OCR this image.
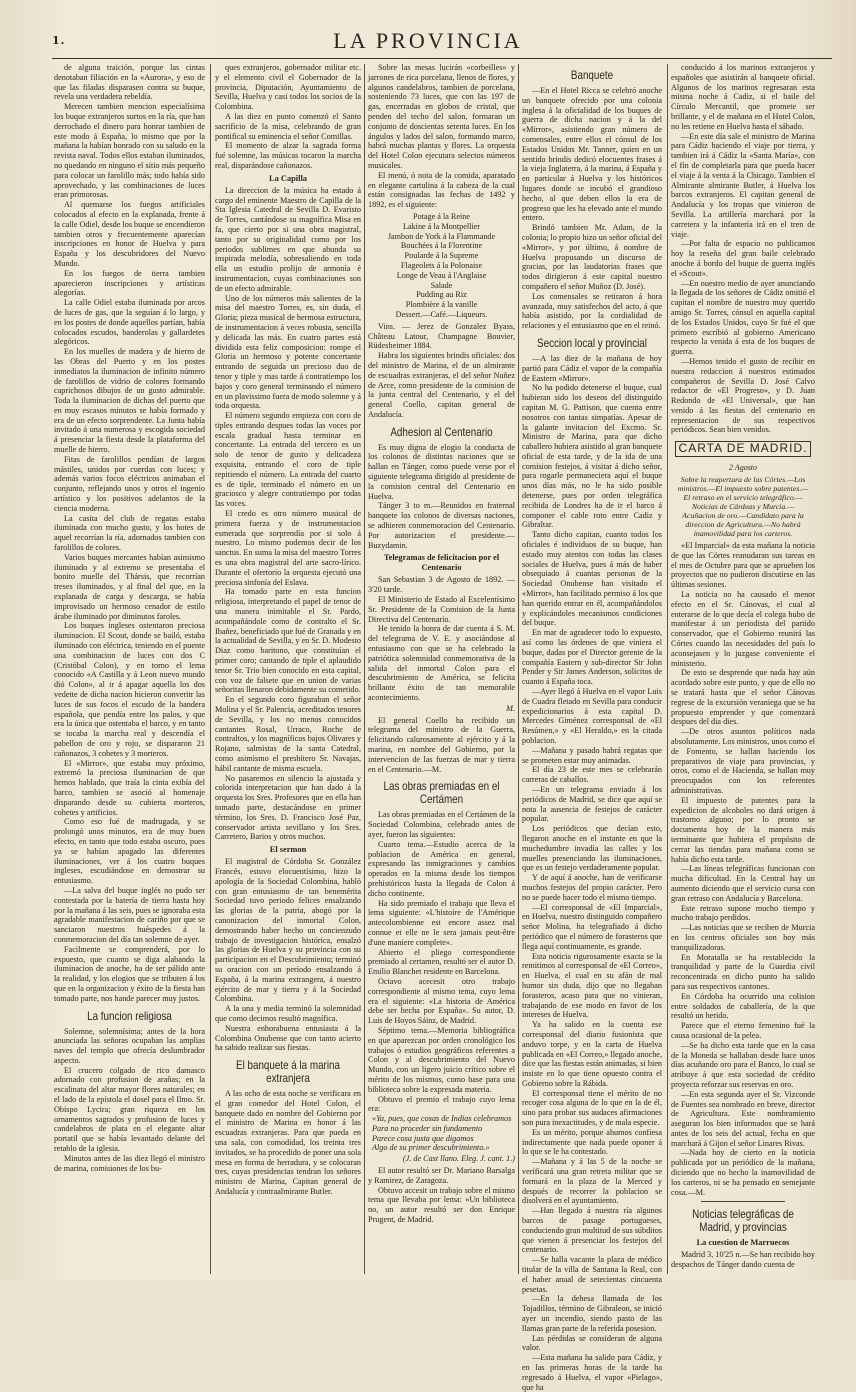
1.	LA PROVINCIA

de alguna traición, porque las cintas denotaban filiación en la «Aurora», y eso de que las filadas disparasen contra su buque, revela una verdadera rebeldía.

Merecen tambien mencion especialísima los buque extranjeros surtos en la ría, que han derrochado el dinero para honrar tambien de este modo á España, lo mismo que por la mañana la habían honrado con su saludo en la revista naval. Todos ellos estaban iluminados, no quedando en ninguno el sitio más pequeño para colocar un farolillo más; todo había sido aprovechado, y las combinaciones de luces eran primorosas.

Al quemarse los fuegos artificiales colocados al efecto en la explanada, frente á la calle Odiel, desde los buque se encendieron tambien otros y frecuentemente aparecían inscripciones en honor de Huelva y para España y los descubridores del Nuevo Mundo.

En los fuegos de tierra tambien aparecieron inscripciones y artísticas alegorías.

La calle Odiel estaba iluminada por arcos de luces de gas, que la seguían á lo largo, y en los postes de donde aquellos partían, había colocados escudos, banderolas y gallardetes alegóricos.

En los muelles de madera y de hierro de las Obras del Puerto y en los postes inmediatos la iluminacion de infinito número de farolillos de vidrio de colores formando caprichosos dibujos de un gusto admirable. Toda la iluminacion de dichas del puerto que en muy escasos minutos se había formado y era de un efecto sorprendente. La Junta había invitado á una numerosa y escogida sociedad á presenciar la fiesta desde la plataforma del muelle de hierro.

Fitas de farolillos pendían de largos mástiles, unidos por cuerdas con luces; y además varios focos eléctricos animaban el conjunto, reflejando unos y otros el ingenio artístico y los positivos adelantos de la ciencia moderna.

La casita del club de regatas estaba iluminada con mucho gusto, y los botes de aquel recorrían la ría, adornados tambien con farolillos de colores.

Varios buques mercantes habían asimismo iluminado y al extremo se presentaba el bonito muelle del Thársis, que recorrían treses iluminados, y al final del que, en la explanada de carga y descarga, se había improvisado un hermoso cenador de estilo árabe iluminado por diminutos faroles.

Los buques ingleses ostentaron preciosa iluminacion. El Scout, donde se bailó, estaba iluminado con eléctrica, teniendo en el puente una combinacion de luces con dos C (Cristóbal Colon), y en torno el lema conocido «A Castilla y á Leon nuevo mundo dió Colon», al ir á apagar aquella los dos vedette de dicha nacion hicieron converitr las luces de sus focos el escudo de la bandera española, que pendía entre los palos, y que era la única que ostentaba el barco, y en tanto se tocaba la marcha real y descendía el pabellon de oro y rojo, se dispararon 21 cañonazos, 3 cohetes y 3 morteros.

El «Mirror», que estaba muy próximo, extremó la preciosa iluminacion de que hemos hablado, que traía la cinta exibía del barco, tambien se asoció al homenaje disparando desde su cubierta morteros, cohetes y artificios.

Como eso fué de madrugada, y se prolongó unos minutos, era de muy buen efecto, en tanto que todo estaba oscuro, pues ya se habían apagado las diferentes iluminaciones, ver á los cuatro buques ingleses, escudiándose en demostrar su entusiasmo.

—La salva del buque inglés no pudo ser contestada por la batería de tierra hasta hoy por la mañana á las seis, pues se ignoraba esta agradable manifestacion de cariño por que se sanciaron nuestros huéspedes á la conmemoracion del día tan solemne de ayer.

Facilmente se comprenderá, por lo expuesto, que cuanto se diga alabando la iluminacion de anoche, ha de ser pálido ante la realidad, y los elogios que se tributen á los que en la organizacion y éxito de la fiesta han tomado parte, nos hande parecer muy justos.

La funcion religiosa

Solemne, solemnísima; antes de la hora anunciada las señoras ocupaban las amplias naves del templo que ofrecía deslumbrador aspecto.

El crucero colgado de rico damasco adornado con profusion de arañas; en la escalinata del altar mayor flores naturales; en el lado de la epístola el dosel para el Ilmo. Sr. Obispo Lycira; gran riqueza en los ornamentos sagrados y profusion de luces y candelabros de plata en el elegante altar portatil que se había levantado delante del retablo de la iglesia.

Minutos antes de las diez llegó el ministro de marina, comisiones de los bu-

ques extranjeros, gobernador militar etc. y el elemento civil el Gobernador de la provincia, Diputación, Ayuntamiento de Sevilla, Huelva y casi todos los socios de la Colombina.

A las diez en punto comenzó el Santo sacrificio de la misa, celebrando de gran pontifical su eminencia el señor Comillas.

El momento de alzar la sagrada forma fué solemne, las músicas tocaron la marcha real, disparándose cañonazos.

La Capilla

La direccion de la música ha estado á cargo del eminente Maestro de Capilla de la Sta Iglesia Catedral de Sevilla D. Evaristo de Torres, cantándose su magnífica Misa en fa, que cierto por si una obra magistral, tanto por su originalidad como por los periodos sublimes en que abunda su inspirada melodía, sobresaliendo en toda ella un estudio prolijo de armonía é instrumentacion, cuyas combinaciones son de un efecto admirable.

Uno de los números más salientes de la misa del maestro Torres, es, sin duda, el Gloria; pieza musical de hermosa estructura, de instrumentacion á veces robusta, sencilla y delicada las más. En cuatro partes está dividida esta feliz composicion: rompe el Gloria un hermoso y potente concertante entrando de seguida un precioso duo de tenor y tiple y mas tarde á contratiempo los bajos y coro general terminando el número en un plavissimo fuera de modo solemne y á toda orquesta.

El número segundo empieza con coro de tiples entrando despues todas las voces por escala gradual hasta terminar en concertante. La entrada del tercero es un solo de tenor de gusto y delicadeza exquisita, entrando el coro de tiple repitiendo el número. La entrada del cuarto es de tiple, terminado el número en un graciosco y alegre contratiempo por todas las voces.

El credo es otro número musical de primera fuerza y de instrumentacion esmerada que sorprendía por si solo á nuestro. Lo mismo podemos decir de los sanctus. En suma la misa del maestro Torres es una obra magistral del arte sacro-lírico. Durante el ofertorio la orquesta ejecutó una preciosa sinfonía del Eslava.

Ha tomado parte en esta funcion religiosa, interpretando el papel de tenor de una manera inimitable el Sr. Pardo, acompañándole como de contralto el Sr. Ibañez, beneficiado que fué de Granada y en la actualidad de Sevilla, y en Sr. D. Modesto Diaz como baritono, que constituían el primer coro; cantando de tiple el aplaudido tenor Sr. Trio bien conocido en esta capital, con voz de falsete que en union de varias señoritas llenaron debidamente su cometido.

En el segundo coro figuraban el señor Molina y el Sr. Palencia, acreditados tenores de Sevilla, y los no menos conocidos cantantes Rosal, Urraco, Roche de contraltos, y los magníficos bajos Olivares y Rojano, salmistas de la santa Catedral, como asimismo el presbítero Sr. Navajas, hábil cantante de misma escuela.

No pasaremos en silencio la ajustada y colorida interpretacion que han dado á la orquesta los Sres. Profesores que en ella han tomado parte, destacándose en primer término, los Sres. D. Francisco José Paz, conservador artista sevillano y los Sres. Carretero, Barios y otros muchos.

El sermon

El magistral de Córdoba Sr. González Francés, estuvo elocuentísimo, hizo la apología de la Sociedad Colombina, habló con gran entusiasmo de tan benemérita Sociedad tuvo periodo felices ensalzando las glorias de la patria, abogó por la canonizacion del inmortal Colon, demostrando haber hecho un concienzudo trabajo de investigacion histórica, ensalzó las glorias de Huelva y su provincia con su participacion en el Descubrimiento; terminó su oracion con un período ensalzando á España, á la marina extrangera, á nuestro ejército de mar y tierra y á la Sociedad Colombina.

A la una y media terminó la solemnidad que como decimos resultó magnífica.

Nuestra enhorabuena entusiasta á la Colombina Onubense que con tanto acierto ha sabido realizar sus fiestas.

El banquete á la marina extranjera

A las ocho de esta noche se verificara en el gran comedor del Hotel Colon, el banquete dado en nombre del Gobierno por el ministro de Marina en honor á las escuadras extranjeras. Para que pueda en una sala, con comodidad, los treinta tres invitados, se ha procedido de poner una sola mesa en forma de herradura, y se colocaran tres, cuyas presidencias tendran los señores ministro de Marina, Capitan general de Andalucía y contraalmirante Butler.

Sobre las mesas lucirán «corbeilles» y jarrones de rica porcelana, llenos de flores, y algunos candelabros, tambien de porcelana, sosteniendo 73 luces, que con las 197 de gas, encerradas en globos de cristal, que penden del techo del salon, formaran un conjunto de doscientas setenta luces. En los ángulos y lados del salon, formando marco, habrá muchas plantas y flores. La orquesta del Hotel Colon ejecutara selectos números musicales.

El menú, ó nota de la comida, aparatado en elegante cartulina á la cabeza de la cual están consignadas las fechas de 1492 y 1892, es el siguiente:

Potage á la Reine
Lakine á la Montpellier
Jambon de York á la Flammande
Bouchées á la Florentine
Poularde á la Supreme
Flageolets á la Polonaise
Longe de Veau á l'Anglaise
Salade
Pudding au Riz
Plombière á la vanille
Dessert.—Café.—Liqueurs.

Vins. — Jerez de Gonzalez Byass, Château Latour, Champagne Bouvier, Rüdesheimer 1884.

Habra los siguientes brindis oficiales: dos del ministro de Marina, el de un almirante de escuadras extranjeras, el del señor Nuñez de Arce, como presidente de la comision de la junta central del Centenario, y el del general Coello, capitan general de Andalucía.

Adhesion al Centenario

Es muy digna de elogio la conducta de los colonos de distintas naciones que se hallan en Tánger, como puede verse por el siguiente telegrama dirigido al presidente de la comision central del Centenario en Huelva.

Tánger 3 to m.—Reunidos en fraternal banquete los colonos de diversas naciones, se adhieren conmemoracion del Centenario. Por autorizacion el presidente.—Buzydamin.

Telegramas de felicitacion por el Centenario

San Sebastian 3 de Agosto de 1892. —3'20 tarde.

El Ministerio de Estado al Excelentísimo Sr. Presidente de la Comision de la Junta Directiva del Centenario.

He tenido la honra de dar cuenta á S. M. del telegrama de V. E. y asociándose al entusiasmo con que se ha celebrado la patriótica solemnidad conmemorativa de la salida del inmortal Colon para el descubrimiento de América, se felicita brillante éxito de tan memorable acontecimiento.

M.

El general Coello ha recibido un telegrama del ministro de la Guerra, felicitando calurosamente al ejército y á la marina, en nombre del Gobierno, por la intervencion de las fuerzas de mar y tierra en el Centenario.—M.

Las obras premiadas en el Certámen

Las obras premiadas en el Certámen de la Sociedad Colombina, celebrado antes de ayer, fueron las siguientes:

Cuarto tema.—Estudio acerca de la poblacion de América en general, expresando las inmigraciones y cambios operados en la misma desde los tiempos prehistóricos hasta la llegada de Colon á dicho continente.

Ha sido premiado el trabajo que lleva el lema siguiente: «L'histoire de l'Amérique antecolombienne est encore assez mal connue et elle ne le sera jamais peut-être d'une maniere complete».

Abierto el pliego correspondiente premiado al certamen, resultó ser el autor D. Emilio Blanchet residente en Barcelona.

Octavo acecesit otro trabajo correspondiente al mismo tema, cuyo lema era el siguiente: «La historia de América debe ser hecha por España». Su autor, D. Luis de Hoyos Sáinz, de Madrid.

Séptimo tema.—Memoria bibliográfica en que aparezcan por orden cronológico los trabajos ó estudios geográficos referentes a Colon y al descubrimiento del Nuevo Mundo, con un ligero juicio crítico sobre el mérito de los mismos, como base para una biblioteca sobre la expresada materia.

Obtuvo el premio el trabajo cuyo lema era:

«Ya, pues, que cosas de Indias celebramos

Para no proceder sin fundamento

Parece cosa justa que digamos

Algo de su primer descubrimiento.»

(J. de Cast llano. Eleg. J. cant. 1.)

El autor resultó ser Dr. Mariano Barsalga y Ramirez, de Zaragoza.

Obtuvo accesit un trabajo sobre el mismo tema que llevaba por lema: «Un biblioteca no, un autor resultó ser don Enrique Prugent, de Madrid.

Banquete

—En el Hotel Ricca se celebró anoche un banquete ofrecido por una colonia inglesa á la oficialidad de los buques de guerra de dicha nacion y á la del «Mirror», asistiendo gran número de comensales, entre ellos el cónsul de los Estados Unidos Mr. Tanner, quien en un sentido brindis dedicó elocuentes frases á la vieja Inglaterra, á la marina, á España y en particular á Huelva y los históricos lugares donde se incubó el grandioso hecho, al que deben ellos la era de progreso que les ha elevado ante el mundo entero.

Brindó tambien Mr. Adam, de la colonia; lo propio hizo un señor oficial del «Mirror», y por último, á nombre de Huelva propusando un discurso de gracias, por las laudatorias frases que todos dirigieron á este capital nuestro compañero el señor Muñoz (D. José).

Los comensales se retiraron á hora avanzada, muy satisfechos del acto, á que había asistido, por la cordialidad de relaciones y el entusiasmo que en el reinó.

Seccion local y provincial

—A las diez de la mañana de hoy partió para Cádiz el vapor de la compañía de Eastern «Mirror».

No ha podido detenerse el buque, cual hubieran sido los deseos del distinguido capitan M. G. Pattison, que cuenta entre nosotros con tantas simpatías. Apesar de la galante invitacion del Excmo. Sr. Ministro de Marina, para que dicho caballero hubiera asistido al gran banquete oficial de esta tarde, y de la ida de una comision festejos, á visitar á dicho señor, para rogarle permaneciera aquí el buque unos días más, no le ha sido posible detenerse, pues por orden telegráfica recibida de Londres ha de ir el barco á componer el cable roto entre Cadiz y Gibraltar.

Tanto dicho capitan, cuanto todos los oficiales é individuos de su buque, han estado muy atentos con todas las clases sociales de Huelva, pues á más de haber obsequiado á cuantas personas de la Sociedad Onubense han visitado el «Mirror», han facilitado permiso á los que han querido entrar en él, acompañándolos y explicándoles mecanismos condiciones del buque.

En mar de agradecer todo lo expuesto, así como las órdenes de que viniera el buque, dadas por el Director gerente de la compañía Eastern y sub-director Sir John Pender y Sir James Anderson, solicitos de cuanto á España toca.

—Ayer llegó á Huelva en el vapor Luis de Cuadra fletado en Sevilla para conducir expedicionarios á esta capital D. Mercedes Giménez corresponsal de «El Resúmen,» y «El Heraldo,» en la citada poblacion.

—Mañana y pasado habrá regatas que se prometen estar muy animadas.

El día 23 de este mes se celebrarán carreras de caballos.

—En un telegrama enviado á los periódicos de Madrid, se dice que aquí se nota la ausencia de festejos de carácter popular.

Los periódicos que decían esto, llegaron anoche en el instante en que la muchedumbre invadía las calles y los muelles presenciando las iluminaciones, que es un festejo verdaderamente popular.

Y de aquí á anoche, han de verificarse muchos festejos del propio carácter. Pero no se puede hacer todo el mismo tiempo.

—El corresponsal de «El Imparcial», en Huelva, nuestro distinguido compañero señor Molina, ha telegrafiado á dicho periódico que el número de forasteros que llega aquí continuamente, es grande.

Esta noticia rigurosamente exacta se la remitimos al corresponsal de «El Correo», en Huelva, el cual en su afán de mal humor sin duda, dijo que no llegaban forasteros, acaso para que no vinieran, trabajando de ese modo en favor de los intereses de Huelva.

Ya ha salido en la cuenta ese corresponsal del diario fusionista que anduvo torpe, y en la carta de Huelva publicada en «El Correo,» llegado anoche, dice que las fiestas están animadas, si bien insiste en lo que tiene opuesto contra el Gobierno sobre la Rábida.

El corresponsal tiene el mérito de no recoger cosa alguna de lo que en la de él, sino para probar sus audaces afirmaciones son pura inexactitudes, y de mala especie.

Es un mérito, porque ahumos confiesa indirectamente que nada puede oponer á lo que se le ha contestado.

—Mañana y á las 5 de la noche se verificará una gran retreta militar que se formará en la plaza de la Merced y después de recorrer la poblacion se disolverá en el ayuntamiento.

—Han llegado á nuestra ría algunos barcos de pasage portugueses, conduciendo gran multitud de sus súbditos que vienen á presenciar los festejos del centenario.

—Se halla vacante la plaza de médico titular de la villa de Santana la Real, con el haber anual de setecientas cincuenta pesetas.

—En la dehesa llamada de los Tojadillos, término de Gibraleon, se inició ayer un incendio, siendo pasto de las llamas gran parte de la referida posesion.

Las pérdidas se consideran de alguna valor.

—Esta mañana ha salido para Cádiz, y en las primeras horas de la tarde ha regresado á Huelva, el vapor «Pielago», que ha

conducido á los marinos extranjeros y españoles que asistirán al banquete oficial. Algunos de los marinos regresaran esta misma noche á Cadiz, si el baile del Círculo Mercantil, que promete ser brillante, y el de mañana en el Hotel Colon, no les retiene en Huelva hasta el sábado.

—En este día sale el ministro de Marina para Cádiz haciendo el viaje por tierra, y tambien irá á Cádiz la «Santa María», con el fin de completarla para que pueda hacer el viaje á la venta á la Chicago. Tambien el Almirante almirante Butler, á Huelva los barcos extranjeros. El capitan general de Andalucía y los tropas que vinieron de Sevilla. La artillería marchará por la carretera y la infantería irá en el tren de viaje.

—Por falta de espacio no publicamos hoy la reseña del gran baile celebrado anoche á bordo del buque de guerra inglés el «Scout».

—En nuestro medio de ayer anunciando la llegada de los señores de Cádiz omitió el capitan el nombre de nuestro muy querido amigo Sr. Torres, cónsul en aquella capital de los Estados Unidos, cuyo Sr fué el que primero escribió al gobierno Americano respecto la venida á esta de los buques de guerra.

—Hemos tenido el gusto de recibir en nuestra redaccion á nuestros estimados compañeros de Sevilla D. José Calvo redactor de «El Progreso», y D. Juan Redondo de «El Universal», que han venido á las fiestas del centenario en representacion de sus respectivos periódicos. Sean bien venidos.

CARTA DE MADRID.
2 Agosto
Sobre la reapertura de las Córtes.—Los ministros.—El impuesto sobre patentes.—El retraso en el servicio telegráfico.—Noticias de Cárdeas y Murcia.—Acuñacion de oro.—Candidato para la direccion de Agricultura.—No habrá inamovilidad para los carteros.

«El Imparcial» da esta mañana la noticia de que las Córtes reanudaran sus tareas en el mes de Octubre para que se aprueben los proyectos que no pudieron discutirse en las últimas sesiones.

La noticia no ha causado el menor efecto en el Sr. Cánovas, el cual al enterarse de lo que decía el colega hubo de manifestar á un periodista del partido conservador, que el Gobierno reunirá las Córtes cuando las necesidades del país lo aconsejasen y lo juzgase conveniente el ministerio.

De esto se desprende que nada hay aún acordado sobre este punto, y que de ello no se tratará hasta que el señor Cánovas regrese de la excursión veraniega que se ha propuesto emprender y que comenzará despues del dia dies.

—De otros asuntos políticos nada absolutamente. Los ministros, unos como el de Fomento, se hallan haciendo los preparativos de viaje para provincias, y otros, como el de Hacienda, se hallan muy preocupados con los referentes administrativas.

El impuesto de patentes para la expedicion de alcoholes no dará origen á trastorno alguno; por lo pronto se documenta hoy de la manera más terminante que hubiera el propósito de cerrar las tiendas para mañana como se había dicho esta tarde.

—Las líneas telegráficas funcionan con mucha dificultad. En la Central hay un aumento diciendo que el servicio cursa con gran retraso con Andalucía y Barcelona.

Este retraso supone mucho tiempo y mucho trabajo perdidos.

—Las noticias que se reciben de Murcia en los centros oficiales son hoy más tranquilizadoras.

En Moratalla se ha restablecido la tranquilidad y parte de la Guardia civil reconcentrada en dicho punto ha salido para sus respectivos cantones.

En Córdoba ha ocurrido una colision entre soldados de caballería, de la que resultó un herido.

Parece que el eterno femenino fué la causa ocasional de la pelea.

—Se ha dicho esta tarde que en la casa de la Moneda se hallaban desde hace unos días acuñando oro para el Banco, lo cual se atribuye á que esta sociedad de crédito proyecta reforzar sus reservas en oro.

—En esta segunda ayer el Sr. Vizconde de Fuentes sea nombrado en breve, director de Agricultura. Este nombramiento aseguran los bien informados que se hará antes de los seis del actual, fecha en que marchará á Gijon el señor Linares Rivas.

—Nada hoy de cierto en la noticia publicada por un periódico de la mañana, diciendo que no hecho la inamovilidad de los carteros, ni se ha pensado en semejante cosa.—M.

Noticias telegráficas de Madrid, y provincias
La cuestion de Marruecos

Madrid 3, 10'25 n.—Se han recibido hoy despachos de Tánger dando cuenta de
